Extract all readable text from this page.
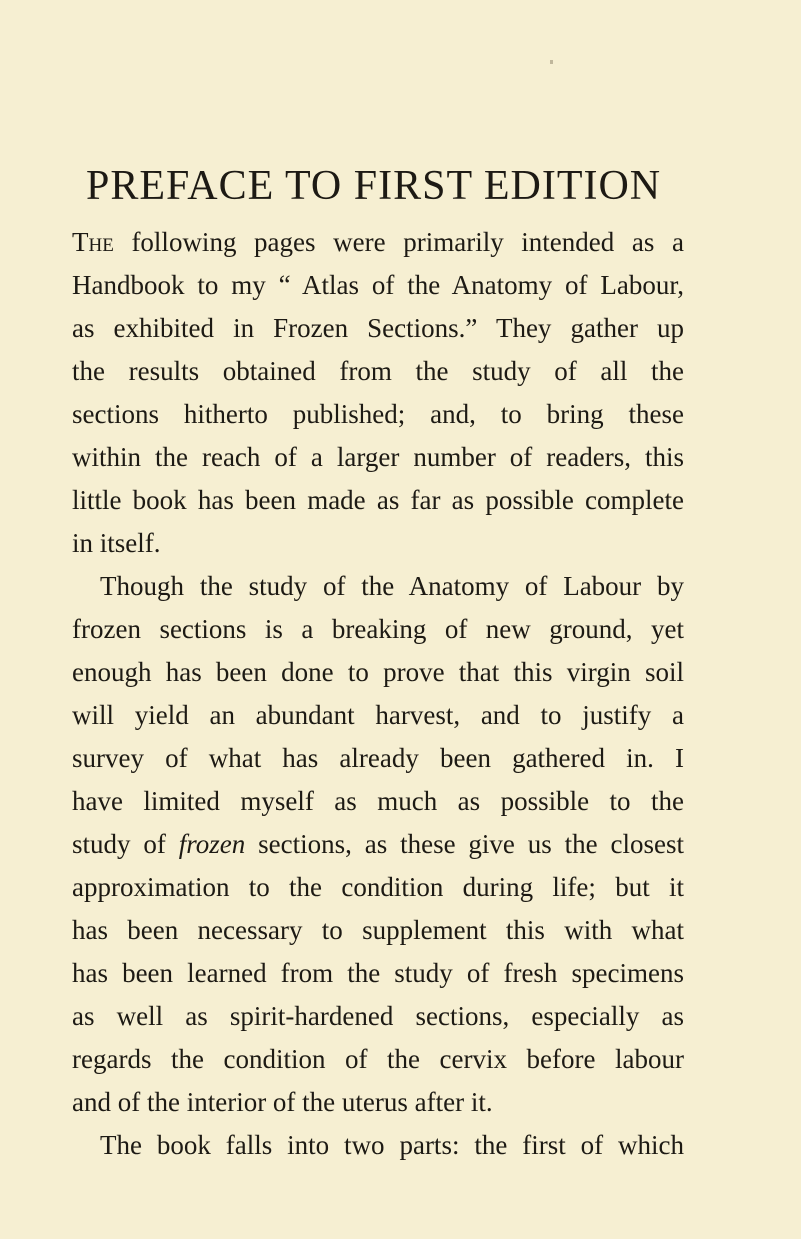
PREFACE TO FIRST EDITION
The following pages were primarily intended as a
Handbook to my “ Atlas of the Anatomy of Labour,
as exhibited in Frozen Sections.” They gather up
the results obtained from the study of all the
sections hitherto published; and, to bring these
within the reach of a larger number of readers, this
little book has been made as far as possible complete
in itself.
Though the study of the Anatomy of Labour by
frozen sections is a breaking of new ground, yet
enough has been done to prove that this virgin soil
will yield an abundant harvest, and to justify a
survey of what has already been gathered in. I
have limited myself as much as possible to the
study of frozen sections, as these give us the closest
approximation to the condition during life; but it
has been necessary to supplement this with what
has been learned from the study of fresh specimens
as well as spirit-hardened sections, especially as
regards the condition of the cervix before labour
and of the interior of the uterus after it.
The book falls into two parts: the first of which
